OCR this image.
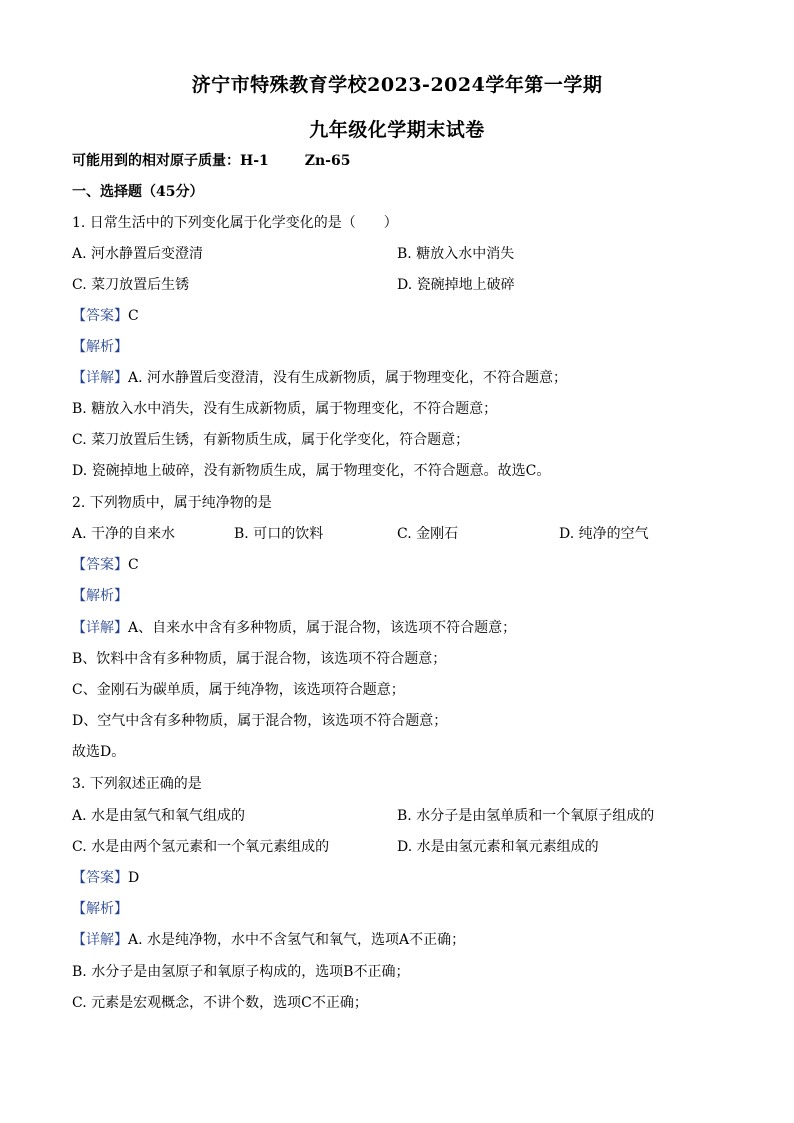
济宁市特殊教育学校2023-2024学年第一学期
九年级化学期末试卷
可能用到的相对原子质量：H-1	Zn-65
一、选择题（45分）
1. 日常生活中的下列变化属于化学变化的是（　　）
A. 河水静置后变澄清	B. 糖放入水中消失
C. 菜刀放置后生锈	D. 瓷碗掉地上破碎
【答案】C
【解析】
【详解】A. 河水静置后变澄清，没有生成新物质，属于物理变化，不符合题意；
B. 糖放入水中消失，没有生成新物质，属于物理变化，不符合题意；
C. 菜刀放置后生锈，有新物质生成，属于化学变化，符合题意；
D. 瓷碗掉地上破碎，没有新物质生成，属于物理变化，不符合题意。故选C。
2. 下列物质中，属于纯净物的是
A. 干净的自来水	B. 可口的饮料	C. 金刚石	D. 纯净的空气
【答案】C
【解析】
【详解】A、自来水中含有多种物质，属于混合物，该选项不符合题意；
B、饮料中含有多种物质，属于混合物，该选项不符合题意；
C、金刚石为碳单质，属于纯净物，该选项符合题意；
D、空气中含有多种物质，属于混合物，该选项不符合题意；
故选D。
3. 下列叙述正确的是
A. 水是由氢气和氧气组成的	B. 水分子是由氢单质和一个氧原子组成的
C. 水是由两个氢元素和一个氧元素组成的	D. 水是由氢元素和氧元素组成的
【答案】D
【解析】
【详解】A. 水是纯净物，水中不含氢气和氧气，选项A不正确；
B. 水分子是由氢原子和氧原子构成的，选项B不正确；
C. 元素是宏观概念，不讲个数，选项C不正确；
